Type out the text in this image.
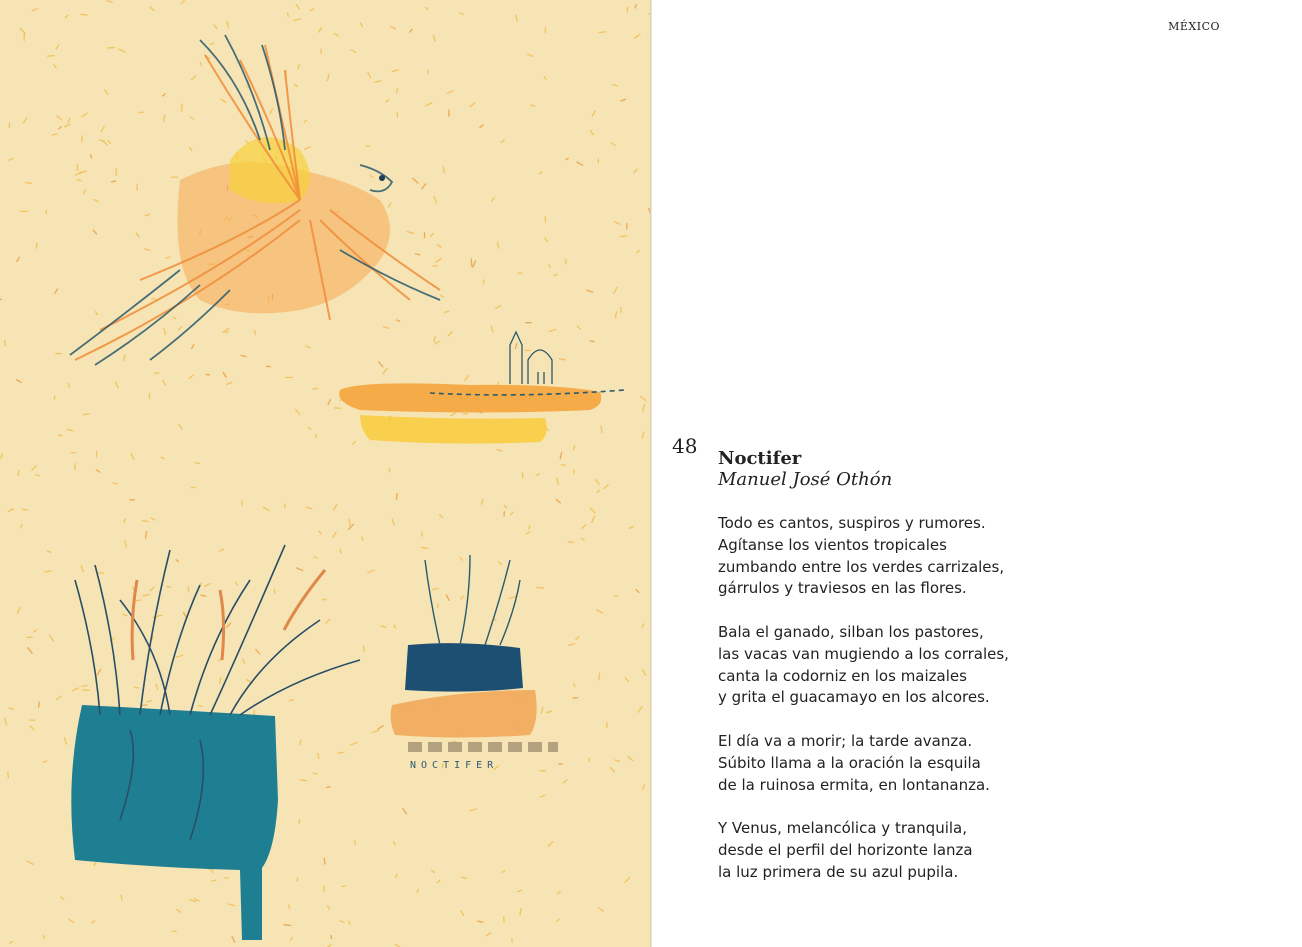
NOCTIFER
MÉXICO
48
Noctifer
Manuel José Othón
Todo es cantos, suspiros y rumores.
Agítanse los vientos tropicales
zumbando entre los verdes carrizales,
gárrulos y traviesos en las flores.
Bala el ganado, silban los pastores,
las vacas van mugiendo a los corrales,
canta la codorniz en los maizales
y grita el guacamayo en los alcores.
El día va a morir; la tarde avanza.
Súbito llama a la oración la esquila
de la ruinosa ermita, en lontananza.
Y Venus, melancólica y tranquila,
desde el perfil del horizonte lanza
la luz primera de su azul pupila.
